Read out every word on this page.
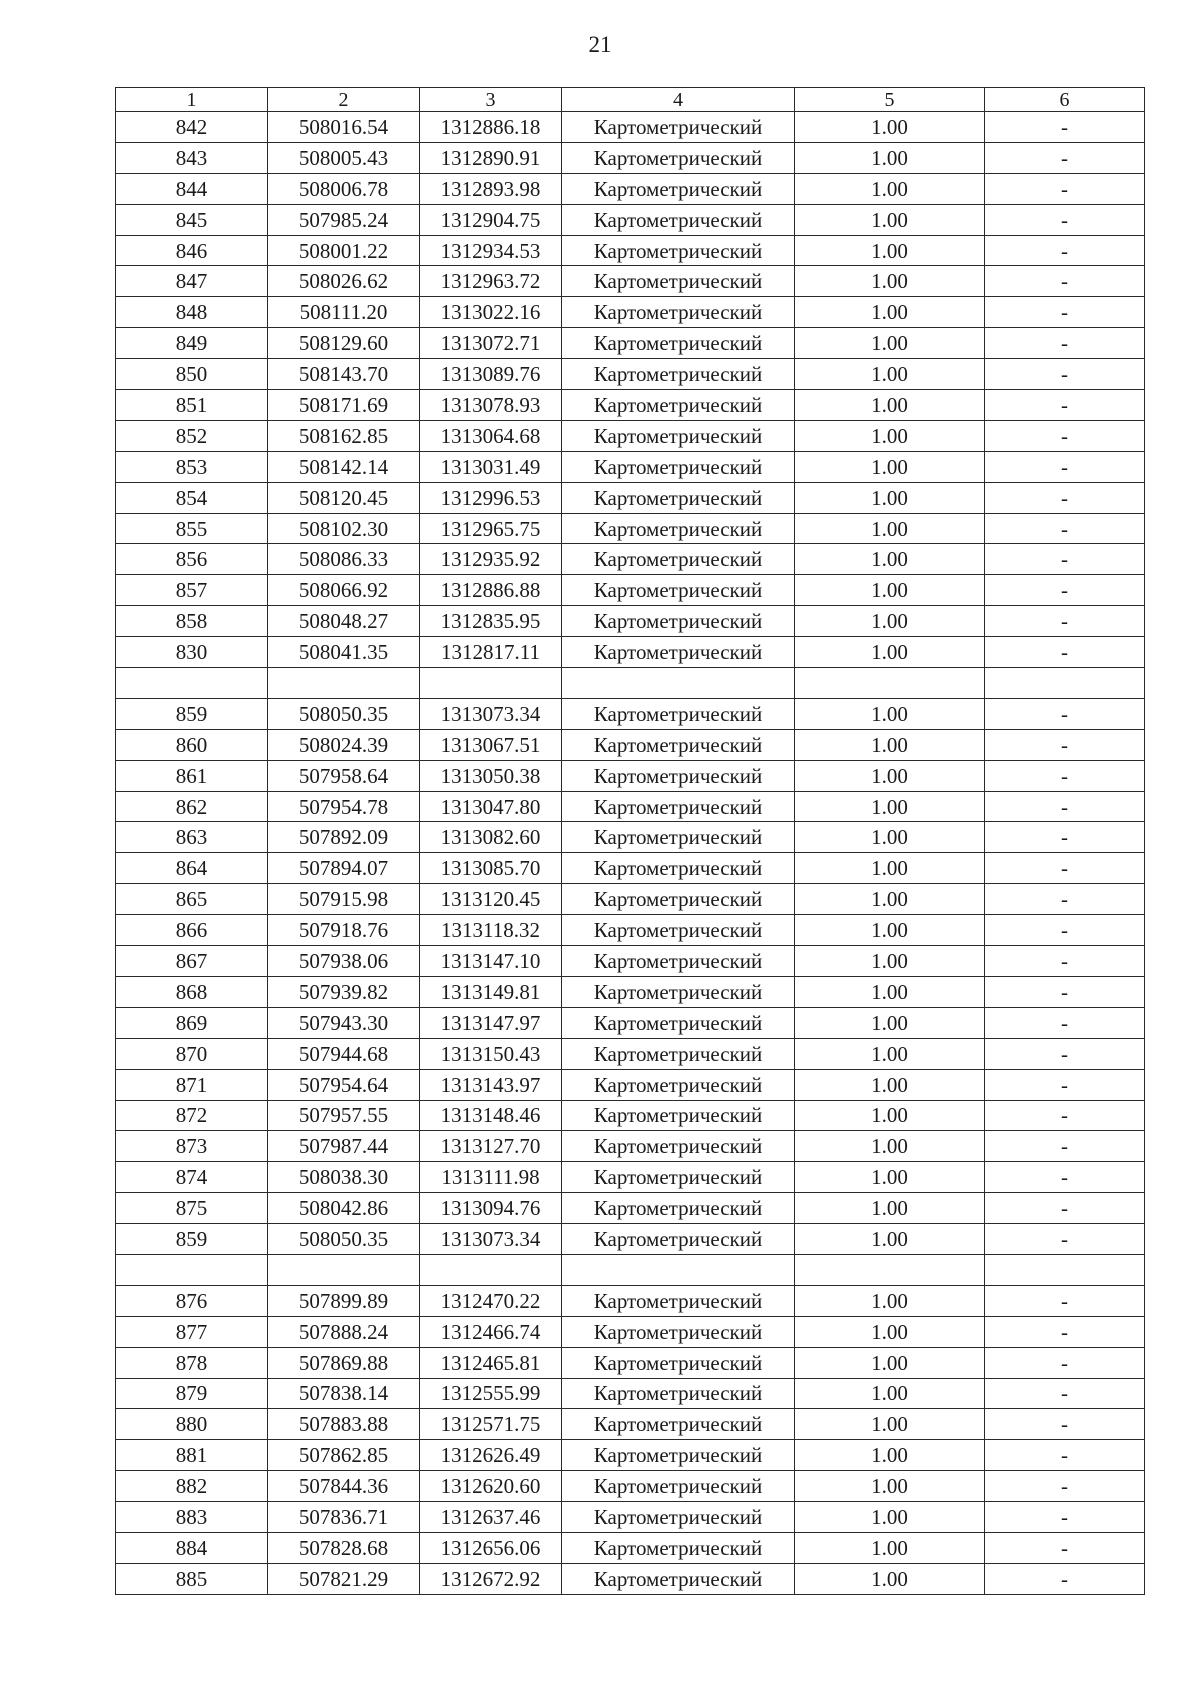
21
1	2	3	4	5	6
842	508016.54	1312886.18	Картометрический	1.00	-
843	508005.43	1312890.91	Картометрический	1.00	-
844	508006.78	1312893.98	Картометрический	1.00	-
845	507985.24	1312904.75	Картометрический	1.00	-
846	508001.22	1312934.53	Картометрический	1.00	-
847	508026.62	1312963.72	Картометрический	1.00	-
848	508111.20	1313022.16	Картометрический	1.00	-
849	508129.60	1313072.71	Картометрический	1.00	-
850	508143.70	1313089.76	Картометрический	1.00	-
851	508171.69	1313078.93	Картометрический	1.00	-
852	508162.85	1313064.68	Картометрический	1.00	-
853	508142.14	1313031.49	Картометрический	1.00	-
854	508120.45	1312996.53	Картометрический	1.00	-
855	508102.30	1312965.75	Картометрический	1.00	-
856	508086.33	1312935.92	Картометрический	1.00	-
857	508066.92	1312886.88	Картометрический	1.00	-
858	508048.27	1312835.95	Картометрический	1.00	-
830	508041.35	1312817.11	Картометрический	1.00	-

859	508050.35	1313073.34	Картометрический	1.00	-
860	508024.39	1313067.51	Картометрический	1.00	-
861	507958.64	1313050.38	Картометрический	1.00	-
862	507954.78	1313047.80	Картометрический	1.00	-
863	507892.09	1313082.60	Картометрический	1.00	-
864	507894.07	1313085.70	Картометрический	1.00	-
865	507915.98	1313120.45	Картометрический	1.00	-
866	507918.76	1313118.32	Картометрический	1.00	-
867	507938.06	1313147.10	Картометрический	1.00	-
868	507939.82	1313149.81	Картометрический	1.00	-
869	507943.30	1313147.97	Картометрический	1.00	-
870	507944.68	1313150.43	Картометрический	1.00	-
871	507954.64	1313143.97	Картометрический	1.00	-
872	507957.55	1313148.46	Картометрический	1.00	-
873	507987.44	1313127.70	Картометрический	1.00	-
874	508038.30	1313111.98	Картометрический	1.00	-
875	508042.86	1313094.76	Картометрический	1.00	-
859	508050.35	1313073.34	Картометрический	1.00	-

876	507899.89	1312470.22	Картометрический	1.00	-
877	507888.24	1312466.74	Картометрический	1.00	-
878	507869.88	1312465.81	Картометрический	1.00	-
879	507838.14	1312555.99	Картометрический	1.00	-
880	507883.88	1312571.75	Картометрический	1.00	-
881	507862.85	1312626.49	Картометрический	1.00	-
882	507844.36	1312620.60	Картометрический	1.00	-
883	507836.71	1312637.46	Картометрический	1.00	-
884	507828.68	1312656.06	Картометрический	1.00	-
885	507821.29	1312672.92	Картометрический	1.00	-
